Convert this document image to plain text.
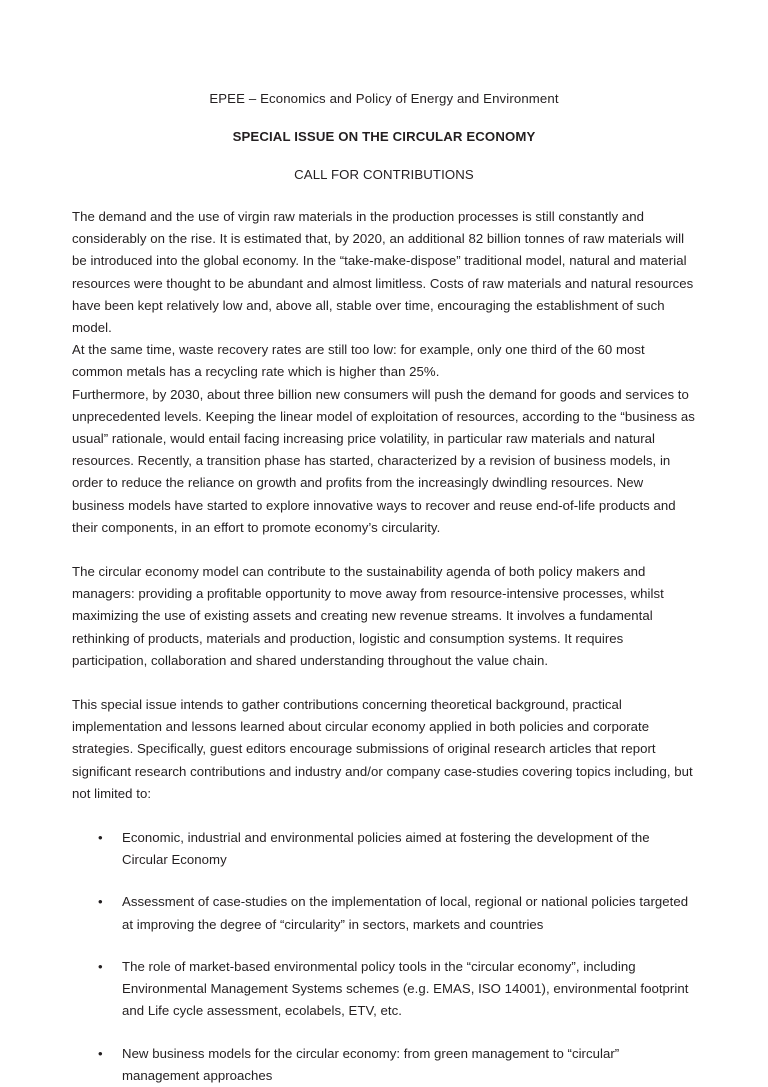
EPEE – Economics and Policy of Energy and Environment
SPECIAL ISSUE ON THE CIRCULAR ECONOMY
CALL FOR CONTRIBUTIONS

The demand and the use of virgin raw materials in the production processes is still constantly and considerably on the rise. It is estimated that, by 2020, an additional 82 billion tonnes of raw materials will be introduced into the global economy. In the “take-make-dispose” traditional model, natural and material resources were thought to be abundant and almost limitless. Costs of raw materials and natural resources have been kept relatively low and, above all, stable over time, encouraging the establishment of such model.

At the same time, waste recovery rates are still too low: for example, only one third of the 60 most common metals has a recycling rate which is higher than 25%.

Furthermore, by 2030, about three billion new consumers will push the demand for goods and services to unprecedented levels. Keeping the linear model of exploitation of resources, according to the “business as usual” rationale, would entail facing increasing price volatility, in particular raw materials and natural resources. Recently, a transition phase has started, characterized by a revision of business models, in order to reduce the reliance on growth and profits from the increasingly dwindling resources. New business models have started to explore innovative ways to recover and reuse end-of-life products and their components, in an effort to promote economy’s circularity.

The circular economy model can contribute to the sustainability agenda of both policy makers and managers: providing a profitable opportunity to move away from resource-intensive processes, whilst maximizing the use of existing assets and creating new revenue streams. It involves a fundamental rethinking of products, materials and production, logistic and consumption systems. It requires participation, collaboration and shared understanding throughout the value chain.

This special issue intends to gather contributions concerning theoretical background, practical implementation and lessons learned about circular economy applied in both policies and corporate strategies. Specifically, guest editors encourage submissions of original research articles that report significant research contributions and industry and/or company case-studies covering topics including, but not limited to:

• Economic, industrial and environmental policies aimed at fostering the development of the Circular Economy
• Assessment of case-studies on the implementation of local, regional or national policies targeted at improving the degree of “circularity” in sectors, markets and countries
• The role of market-based environmental policy tools in the “circular economy”, including Environmental Management Systems schemes (e.g. EMAS, ISO 14001), environmental footprint and Life cycle assessment, ecolabels, ETV, etc.
• New business models for the circular economy: from green management to “circular” management approaches
